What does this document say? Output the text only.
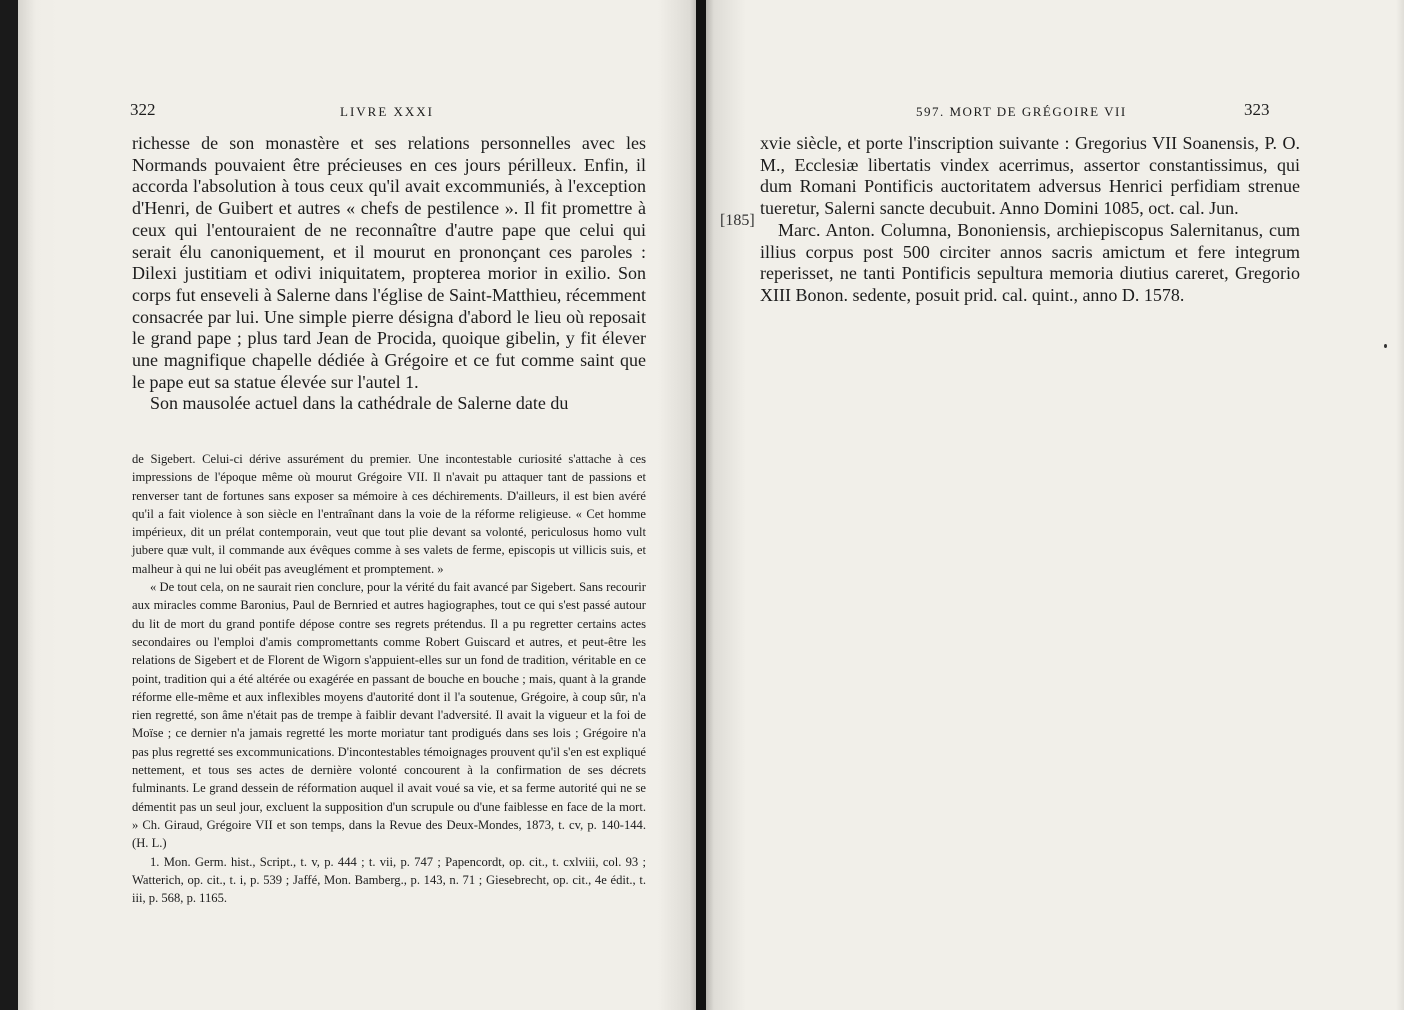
322	LIVRE XXXI

richesse de son monastère et ses relations personnelles avec les Normands pouvaient être précieuses en ces jours périlleux. Enfin, il accorda l'absolution à tous ceux qu'il avait excommuniés, à l'exception d'Henri, de Guibert et autres « chefs de pestilence ». Il fit promettre à ceux qui l'entouraient de ne reconnaître d'autre pape que celui qui serait élu canoniquement, et il mourut en prononçant ces paroles : Dilexi justitiam et odivi iniquitatem, propterea morior in exilio. Son corps fut enseveli à Salerne dans l'église de Saint-Matthieu, récemment consacrée par lui. Une simple pierre désigna d'abord le lieu où reposait le grand pape ; plus tard Jean de Procida, quoique gibelin, y fit élever une magnifique chapelle dédiée à Grégoire et ce fut comme saint que le pape eut sa statue élevée sur l'autel 1.

Son mausolée actuel dans la cathédrale de Salerne date du

de Sigebert. Celui-ci dérive assurément du premier. Une incontestable curiosité s'attache à ces impressions de l'époque même où mourut Grégoire VII. Il n'avait pu attaquer tant de passions et renverser tant de fortunes sans exposer sa mémoire à ces déchirements. D'ailleurs, il est bien avéré qu'il a fait violence à son siècle en l'entraînant dans la voie de la réforme religieuse. « Cet homme impérieux, dit un prélat contemporain, veut que tout plie devant sa volonté, periculosus homo vult jubere quæ vult, il commande aux évêques comme à ses valets de ferme, episcopis ut villicis suis, et malheur à qui ne lui obéit pas aveuglément et promptement. »

« De tout cela, on ne saurait rien conclure, pour la vérité du fait avancé par Sigebert. Sans recourir aux miracles comme Baronius, Paul de Bernried et autres hagiographes, tout ce qui s'est passé autour du lit de mort du grand pontife dépose contre ses regrets prétendus. Il a pu regretter certains actes secondaires ou l'emploi d'amis compromettants comme Robert Guiscard et autres, et peut-être les relations de Sigebert et de Florent de Wigorn s'appuient-elles sur un fond de tradition, véritable en ce point, tradition qui a été altérée ou exagérée en passant de bouche en bouche ; mais, quant à la grande réforme elle-même et aux inflexibles moyens d'autorité dont il l'a soutenue, Grégoire, à coup sûr, n'a rien regretté, son âme n'était pas de trempe à faiblir devant l'adversité. Il avait la vigueur et la foi de Moïse ; ce dernier n'a jamais regretté les morte moriatur tant prodigués dans ses lois ; Grégoire n'a pas plus regretté ses excommunications. D'incontestables témoignages prouvent qu'il s'en est expliqué nettement, et tous ses actes de dernière volonté concourent à la confirmation de ses décrets fulminants. Le grand dessein de réformation auquel il avait voué sa vie, et sa ferme autorité qui ne se démentit pas un seul jour, excluent la supposition d'un scrupule ou d'une faiblesse en face de la mort. » Ch. Giraud, Grégoire VII et son temps, dans la Revue des Deux-Mondes, 1873, t. cv, p. 140-144. (H. L.)

1. Mon. Germ. hist., Script., t. v, p. 444 ; t. vii, p. 747 ; Papencordt, op. cit., t. cxlviii, col. 93 ; Watterich, op. cit., t. i, p. 539 ; Jaffé, Mon. Bamberg., p. 143, n. 71 ; Giesebrecht, op. cit., 4e édit., t. iii, p. 568, p. 1165.

597. MORT DE GRÉGOIRE VII	323
[185]

xvie siècle, et porte l'inscription suivante : Gregorius VII Soanensis, P. O. M., Ecclesiæ libertatis vindex acerrimus, assertor constantissimus, qui dum Romani Pontificis auctoritatem adversus Henrici perfidiam strenue tueretur, Salerni sancte decubuit. Anno Domini 1085, oct. cal. Jun.

Marc. Anton. Columna, Bononiensis, archiepiscopus Salernitanus, cum illius corpus post 500 circiter annos sacris amictum et fere integrum reperisset, ne tanti Pontificis sepultura memoria diutius careret, Gregorio XIII Bonon. sedente, posuit prid. cal. quint., anno D. 1578.
